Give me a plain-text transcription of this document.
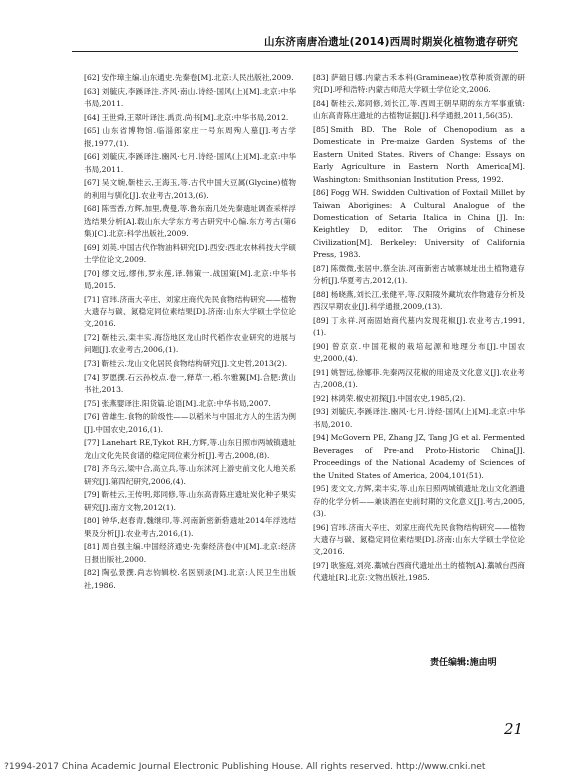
山东济南唐冶遗址(2014)西周时期炭化植物遗存研究
[62] 安作璋主编.山东通史.先秦卷[M].北京:人民出版社,2009.
[63] 刘毓庆,李蹊译注.齐风·南山.诗经·国风(上)[M].北京:中华书局,2011.
[64] 王世舜,王翠叶译注.禹贡.尚书[M].北京:中华书局,2012.
[65] 山东省博物馆.临淄郎家庄一号东周殉人墓[J].考古学报,1977,(1).
[66] 刘毓庆,李蹊译注.豳风·七月.诗经·国风(上)[M].北京:中华书局,2011.
[67] 吴文婉,靳桂云,王海玉,等.古代中国大豆属(Glycine)植物的利用与驯化[J].农业考古,2013,(6).
[68] 陈雪香,方辉,加里,费曼,等.鲁东南几处先秦遗址调查采样浮选结果分析[A].载山东大学东方考古研究中心编.东方考古(第6集)[C].北京:科学出版社,2009.
[69] 刘英.中国古代作物油料研究[D].西安:西北农林科技大学硕士学位论文,2009.
[70] 缪文远,缪伟,罗永莲,译.韩策一.战国策[M].北京:中华书局,2015.
[71] 宫玮.济南大辛庄、刘家庄商代先民食物结构研究——植物大遗存与碳、氮稳定同位素结果[D].济南:山东大学硕士学位论文,2016.
[72] 靳桂云,栾丰实.海岱地区龙山时代稻作农业研究的进展与问题[J].农业考古,2006,(1).
[73] 靳桂云.龙山文化居民食物结构研究[J].文史哲,2013(2).
[74] 罗愿撰.石云孙校点.卷一,释草一,稻.尔雅翼[M].合肥:黄山书社,2013.
[75] 张燕婴译注.阳货篇.论语[M].北京:中华书局,2007.
[76] 曾雄生.食物的阶级性——以稻米与中国北方人的生活为例[J].中国农史,2016,(1).
[77] Lanehart RE,Tykot RH,方辉,等.山东日照市两城镇遗址龙山文化先民食谱的稳定同位素分析[J].考古,2008,(8).
[78] 齐乌云,梁中合,高立兵,等.山东沭河上游史前文化人地关系研究[J].第四纪研究,2006,(4).
[79] 靳桂云,王传明,郑同修,等.山东高青陈庄遗址炭化种子果实研究[J].南方文物,2012(1).
[80] 钟华,赵春青,魏继印,等.河南新密新砦遗址2014年浮选结果及分析[J].农业考古,2016,(1).
[81] 周自强主编.中国经济通史·先秦经济卷(中)[M].北京:经济日报出版社,2000.
[82] 陶弘景撰.尚志钧辑校.名医别录[M].北京:人民卫生出版社,1986.
[83] 萨础日娜.内蒙古禾本科(Gramineae)牧草种质资源的研究[D].呼和浩特:内蒙古师范大学硕士学位论文,2006.
[84] 靳桂云,郑同修,刘长江,等.西周王朝早期的东方军事重镇:山东高青陈庄遗址的古植物证据[J].科学通报,2011,56(35).
[85] Smith BD. The Role of Chenopodium as a Domesticate in Pre-maize Garden Systems of the Eastern United States. Rivers of Change: Essays on Early Agriculture in Eastern North America[M]. Washington: Smithsonian Institution Press, 1992.
[86] Fogg WH. Swidden Cultivation of Foxtail Millet by Taiwan Aborigines: A Cultural Analogue of the Domestication of Setaria Italica in China [J]. In: Keightley D, editor. The Origins of Chinese Civilization[M]. Berkeley: University of California Press, 1983.
[87] 陈微微,张居中,蔡全法.河南新密古城寨城址出土植物遗存分析[J].华夏考古,2012,(1).
[88] 杨晓燕,刘长江,张健平,等.汉阳陵外藏坑农作物遗存分析及西汉早期农业[J].科学通报,2009,(13).
[89] 丁永祥.河南固始商代墓内发现花椒[J].农业考古,1991,(1).
[90] 曾京京.中国花椒的栽培起源和地理分布[J].中国农史,2000,(4).
[91] 姚智远,徐娜菲.先秦两汉花椒的用途及文化意义[J].农业考古,2008,(1).
[92] 林鸿荣.椒史初探[J].中国农史,1985,(2).
[93] 刘毓庆,李蹊译注.豳风·七月.诗经·国风(上)[M].北京:中华书局,2010.
[94] McGovern PE, Zhang JZ, Tang JG et al. Fermented Beverages of Pre-and Proto-Historic China[J]. Proceedings of the National Academy of Sciences of the United States of America, 2004,101(51).
[95] 麦文文,方辉,栾丰实,等.山东日照两城镇遗址龙山文化酒遗存的化学分析——兼谈酒在史前时期的文化意义[J].考古,2005,(3).
[96] 宫玮.济南大辛庄、刘家庄商代先民食物结构研究——植物大遗存与碳、氮稳定同位素结果[D].济南:山东大学硕士学位论文,2016.
[97] 耿鉴庭,刘亮.藁城台西商代遗址出土的植物[A].藁城台西商代遗址[R].北京:文物出版社,1985.
责任编辑:施由明
21
?1994-2017 China Academic Journal Electronic Publishing House. All rights reserved. http://www.cnki.net
